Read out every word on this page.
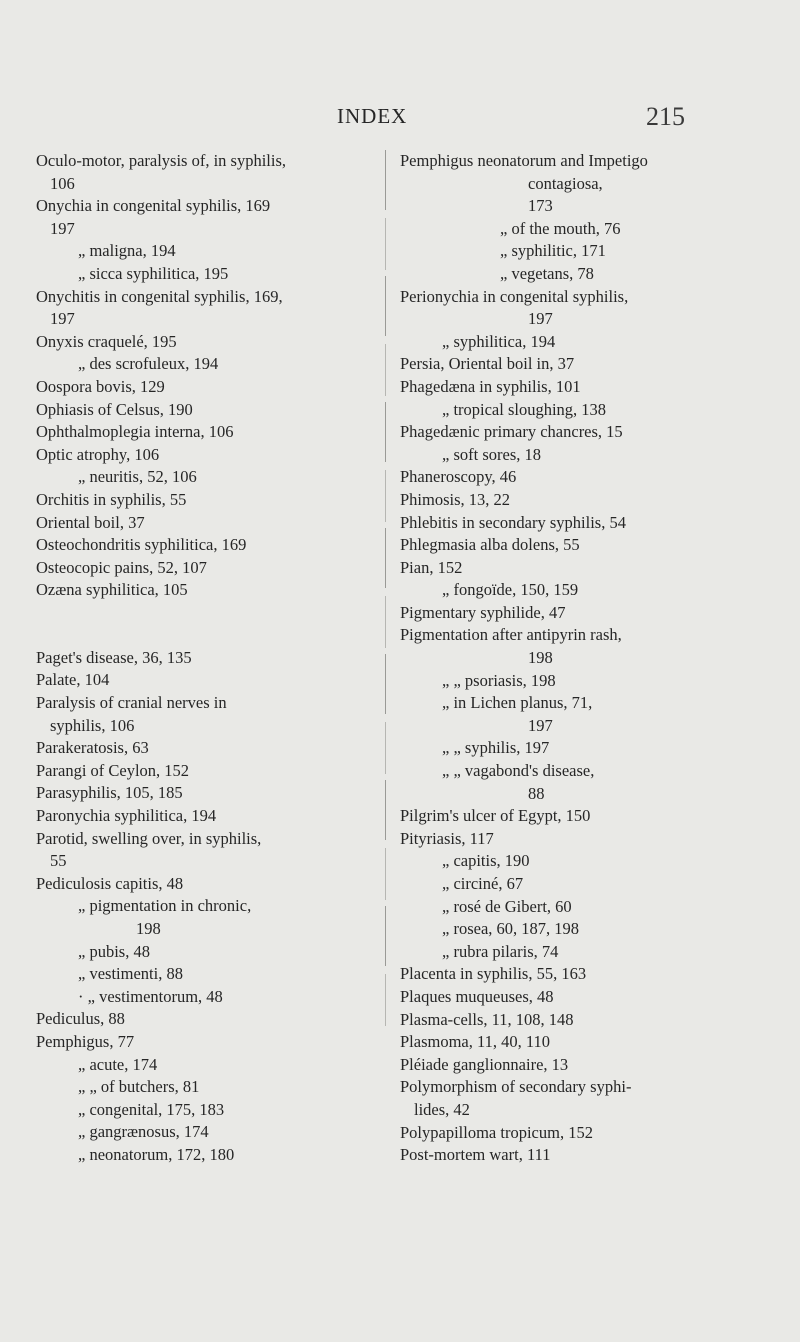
INDEX	215
Oculo-motor, paralysis of, in syphilis,
106
Onychia in congenital syphilis, 169
197
„ maligna, 194
„ sicca syphilitica, 195
Onychitis in congenital syphilis, 169,
197
Onyxis craquelé, 195
„ des scrofuleux, 194
Oospora bovis, 129
Ophiasis of Celsus, 190
Ophthalmoplegia interna, 106
Optic atrophy, 106
„ neuritis, 52, 106
Orchitis in syphilis, 55
Oriental boil, 37
Osteochondritis syphilitica, 169
Osteocopic pains, 52, 107
Ozæna syphilitica, 105
Paget's disease, 36, 135
Palate, 104
Paralysis of cranial nerves in
syphilis, 106
Parakeratosis, 63
Parangi of Ceylon, 152
Parasyphilis, 105, 185
Paronychia syphilitica, 194
Parotid, swelling over, in syphilis,
55
Pediculosis capitis, 48
„ pigmentation in chronic,
198
„ pubis, 48
„ vestimenti, 88
· „ vestimentorum, 48
Pediculus, 88
Pemphigus, 77
„ acute, 174
„ „ of butchers, 81
„ congenital, 175, 183
„ gangrænosus, 174
„ neonatorum, 172, 180
Pemphigus neonatorum and Impetigo
contagiosa,
173
„ of the mouth, 76
„ syphilitic, 171
„ vegetans, 78
Perionychia in congenital syphilis,
197
„ syphilitica, 194
Persia, Oriental boil in, 37
Phagedæna in syphilis, 101
„ tropical sloughing, 138
Phagedænic primary chancres, 15
„ soft sores, 18
Phaneroscopy, 46
Phimosis, 13, 22
Phlebitis in secondary syphilis, 54
Phlegmasia alba dolens, 55
Pian, 152
„ fongoïde, 150, 159
Pigmentary syphilide, 47
Pigmentation after antipyrin rash,
198
„ „ psoriasis, 198
„ in Lichen planus, 71,
197
„ „ syphilis, 197
„ „ vagabond's disease,
88
Pilgrim's ulcer of Egypt, 150
Pityriasis, 117
„ capitis, 190
„ circiné, 67
„ rosé de Gibert, 60
„ rosea, 60, 187, 198
„ rubra pilaris, 74
Placenta in syphilis, 55, 163
Plaques muqueuses, 48
Plasma-cells, 11, 108, 148
Plasmoma, 11, 40, 110
Pléiade ganglionnaire, 13
Polymorphism of secondary syphi-
lides, 42
Polypapilloma tropicum, 152
Post-mortem wart, 111
